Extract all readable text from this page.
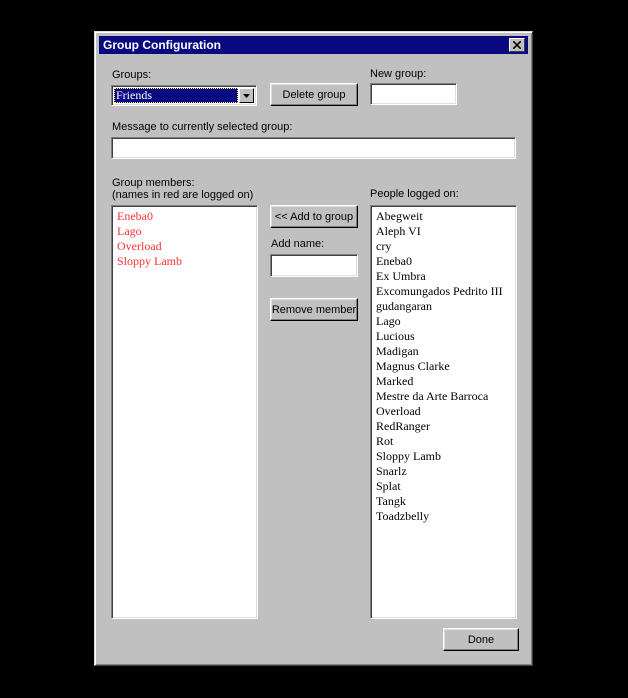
Group Configuration
Groups:
Friends	Delete group
New group:
Message to currently selected group:
Group members:
(names in red are logged on)
Eneba0
Lago
Overload
Sloppy Lamb
<< Add to group
Add name:
Remove member
People logged on:
Abegweit
Aleph VI
cry
Eneba0
Ex Umbra
Excomungados Pedrito III
gudangaran
Lago
Lucious
Madigan
Magnus Clarke
Marked
Mestre da Arte Barroca
Overload
RedRanger
Rot
Sloppy Lamb
Snarlz
Splat
Tangk
Toadzbelly
Done
